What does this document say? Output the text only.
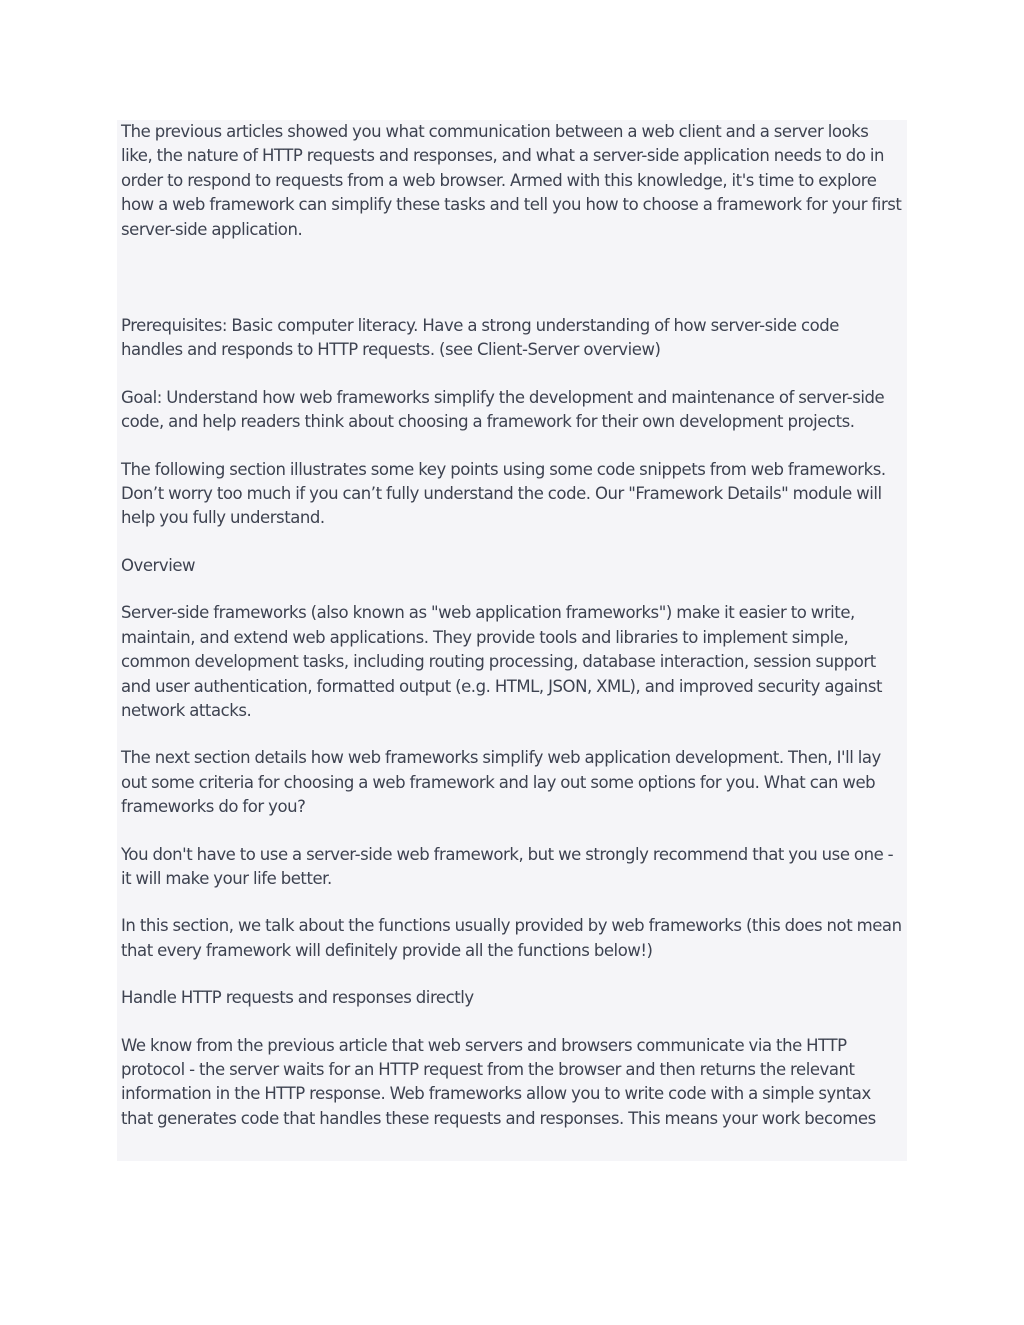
The previous articles showed you what communication between a web client and a server looks like, the nature of HTTP requests and responses, and what a server-side application needs to do in order to respond to requests from a web browser. Armed with this knowledge, it's time to explore how a web framework can simplify these tasks and tell you how to choose a framework for your first server-side application.

Prerequisites: Basic computer literacy. Have a strong understanding of how server-side code handles and responds to HTTP requests. (see Client-Server overview)

Goal: Understand how web frameworks simplify the development and maintenance of server-side code, and help readers think about choosing a framework for their own development projects.

The following section illustrates some key points using some code snippets from web frameworks. Don’t worry too much if you can’t fully understand the code. Our "Framework Details" module will help you fully understand.

Overview

Server-side frameworks (also known as "web application frameworks") make it easier to write, maintain, and extend web applications. They provide tools and libraries to implement simple, common development tasks, including routing processing, database interaction, session support and user authentication, formatted output (e.g. HTML, JSON, XML), and improved security against network attacks.

The next section details how web frameworks simplify web application development. Then, I'll lay out some criteria for choosing a web framework and lay out some options for you. What can web frameworks do for you?

You don't have to use a server-side web framework, but we strongly recommend that you use one - it will make your life better.

In this section, we talk about the functions usually provided by web frameworks (this does not mean that every framework will definitely provide all the functions below!)

Handle HTTP requests and responses directly

We know from the previous article that web servers and browsers communicate via the HTTP protocol - the server waits for an HTTP request from the browser and then returns the relevant information in the HTTP response. Web frameworks allow you to write code with a simple syntax that generates code that handles these requests and responses. This means your work becomes
